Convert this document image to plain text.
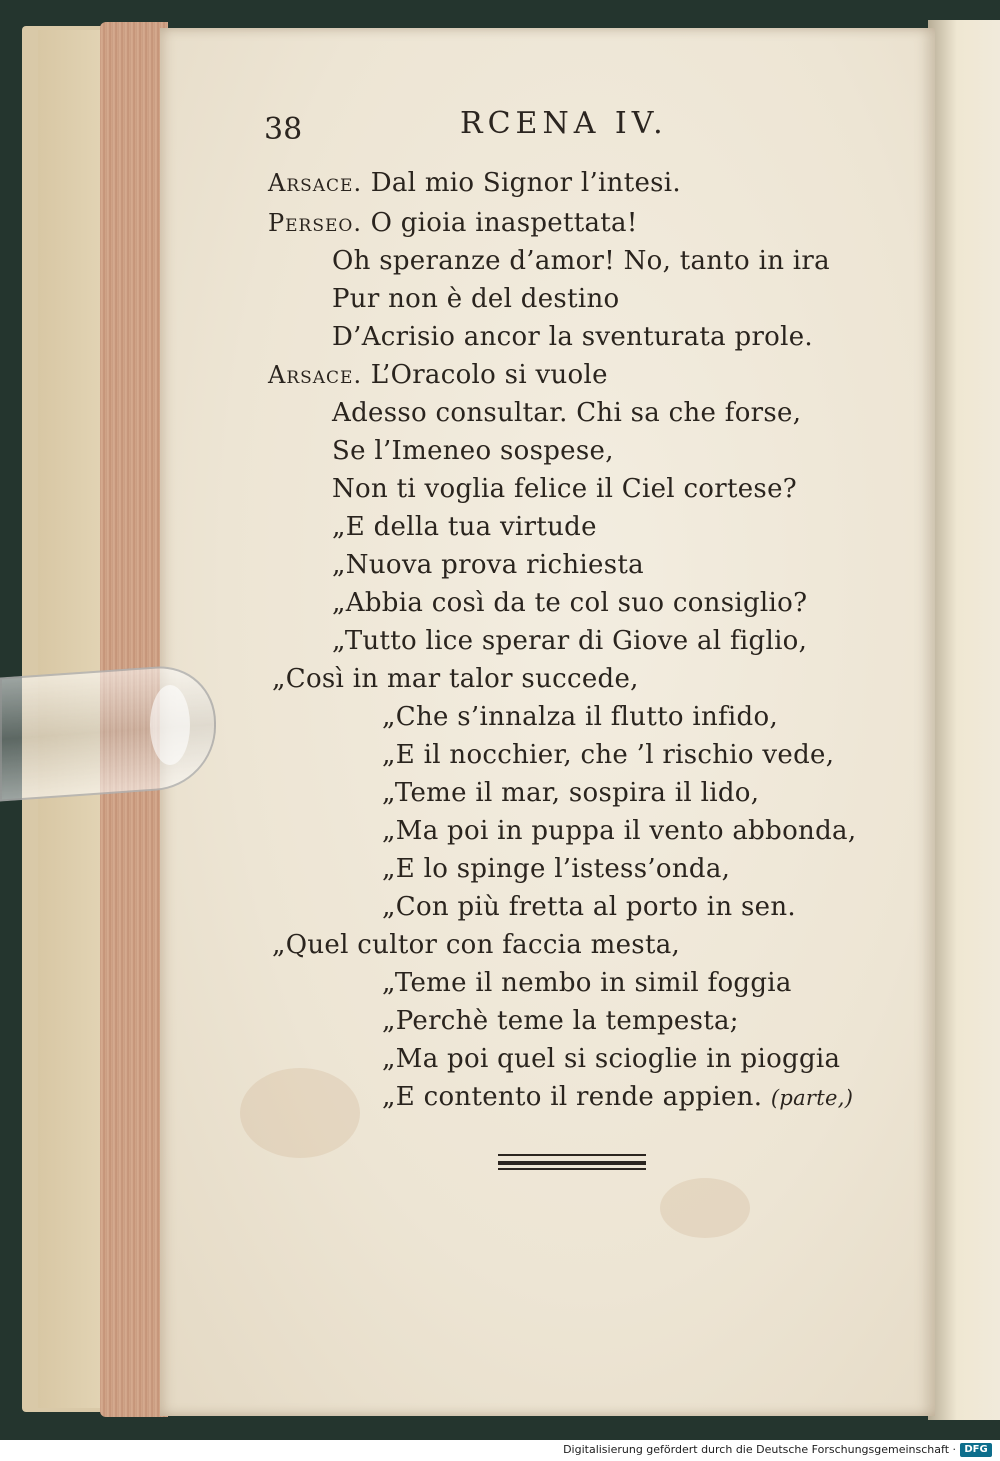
38	RCENA IV.
Arsace. Dal mio Signor l’intesi.
Perseo. O gioia inaspettata!
Oh speranze d’amor! No, tanto in ira
Pur non è del destino
D’Acrisio ancor la sventurata prole.
Arsace. L’Oracolo si vuole
Adesso consultar. Chi sa che forse,
Se l’Imeneo sospese,
Non ti voglia felice il Ciel cortese?
„E della tua virtude
„Nuova prova richiesta
„Abbia così da te col suo consiglio?
„Tutto lice sperar di Giove al figlio,
„Così in mar talor succede,
„Che s’innalza il flutto infido,
„E il nocchier, che ’l rischio vede,
„Teme il mar, sospira il lido,
„Ma poi in puppa il vento abbonda,
„E lo spinge l’istess’onda,
„Con più fretta al porto in sen.
„Quel cultor con faccia mesta,
„Teme il nembo in simil foggia
„Perchè teme la tempesta;
„Ma poi quel si scioglie in pioggia
„E contento il rende appien. (parte,)
Digitalisierung gefördert durch die Deutsche Forschungsgemeinschaft · DFG
